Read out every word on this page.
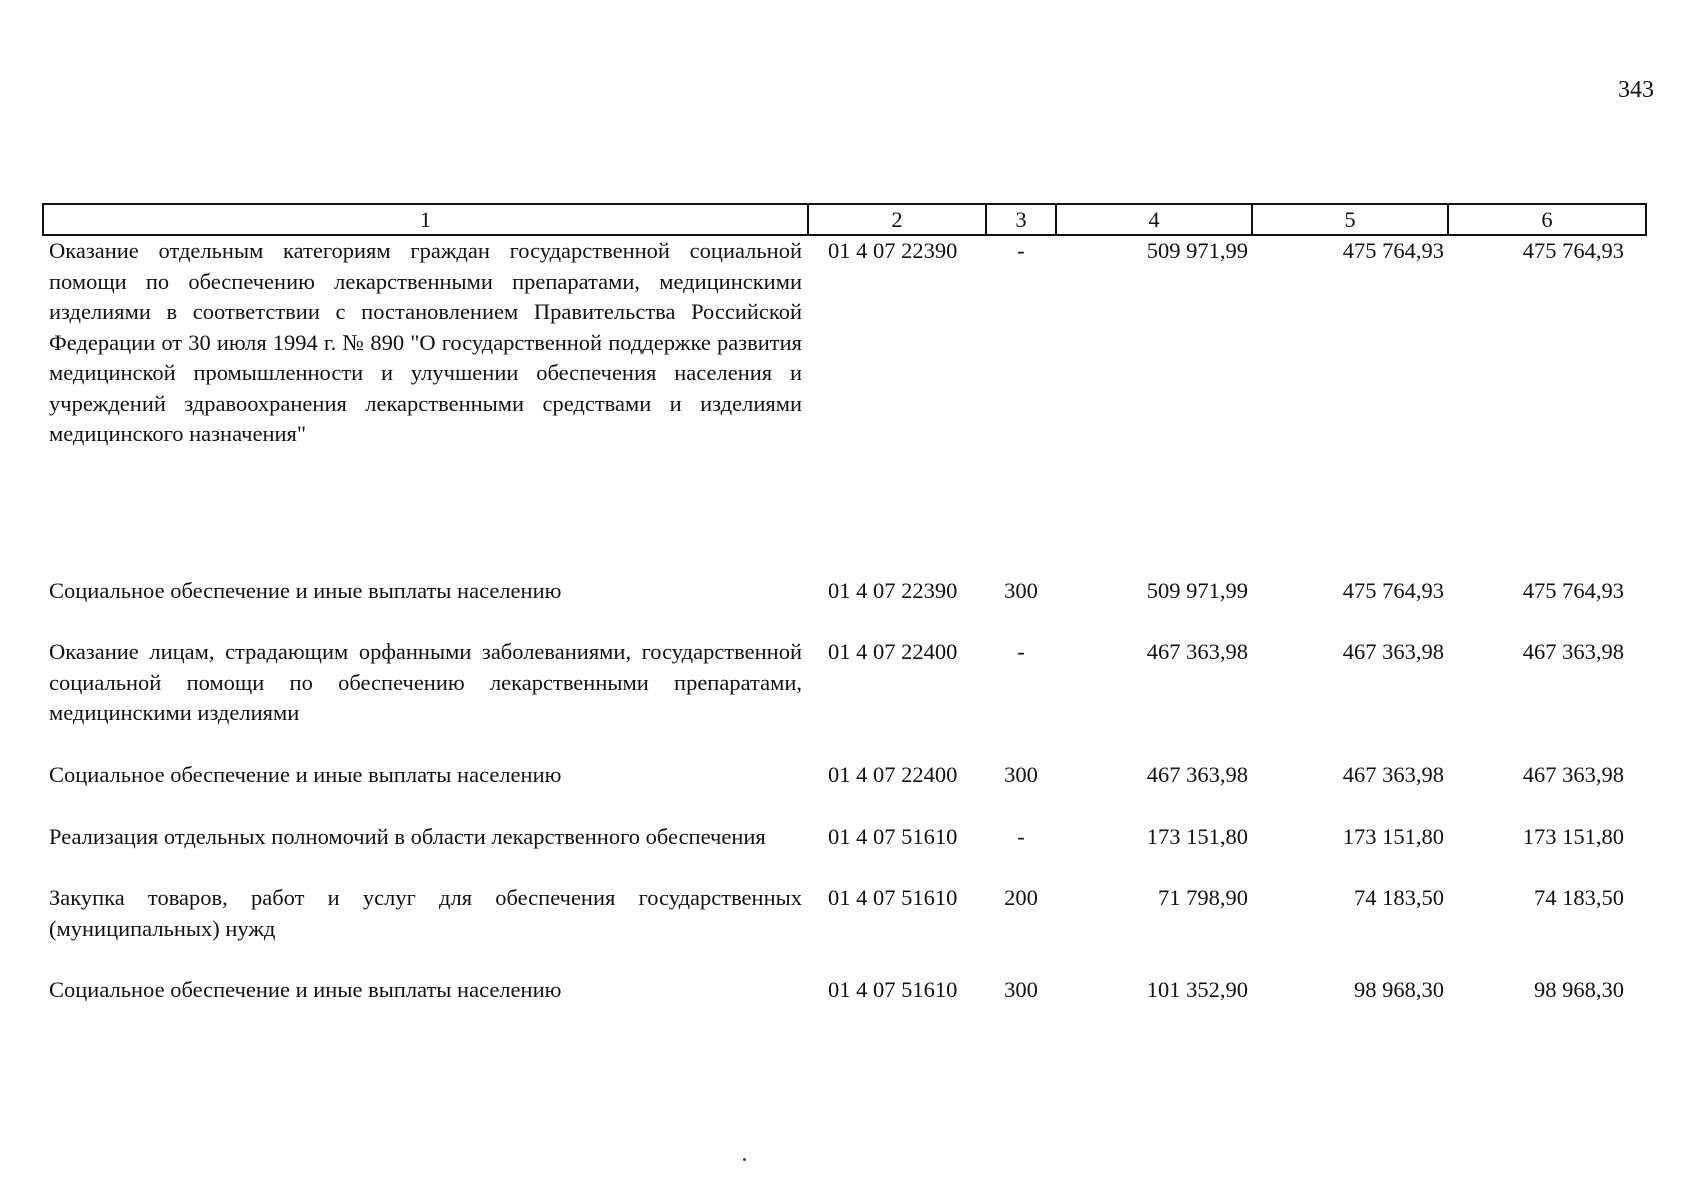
343
1	2	3	4	5	6
Оказание отдельным категориям граждан государственной социальной помощи по обеспечению лекарственными препаратами, медицинскими изделиями в соответствии с постановлением Правительства Российской Федерации от 30 июля 1994 г. № 890 "О государственной поддержке развития медицинской промышленности и улучшении обеспечения населения и учреждений здравоохранения лекарственными средствами и изделиями медицинского назначения"	01 4 07 22390	-	509 971,99	475 764,93	475 764,93
Социальное обеспечение и иные выплаты населению	01 4 07 22390	300	509 971,99	475 764,93	475 764,93
Оказание лицам, страдающим орфанными заболеваниями, государственной социальной помощи по обеспечению лекарственными препаратами, медицинскими изделиями	01 4 07 22400	-	467 363,98	467 363,98	467 363,98
Социальное обеспечение и иные выплаты населению	01 4 07 22400	300	467 363,98	467 363,98	467 363,98
Реализация отдельных полномочий в области лекарственного обеспечения	01 4 07 51610	-	173 151,80	173 151,80	173 151,80
Закупка товаров, работ и услуг для обеспечения государственных (муниципальных) нужд	01 4 07 51610	200	71 798,90	74 183,50	74 183,50
Социальное обеспечение и иные выплаты населению	01 4 07 51610	300	101 352,90	98 968,30	98 968,30
